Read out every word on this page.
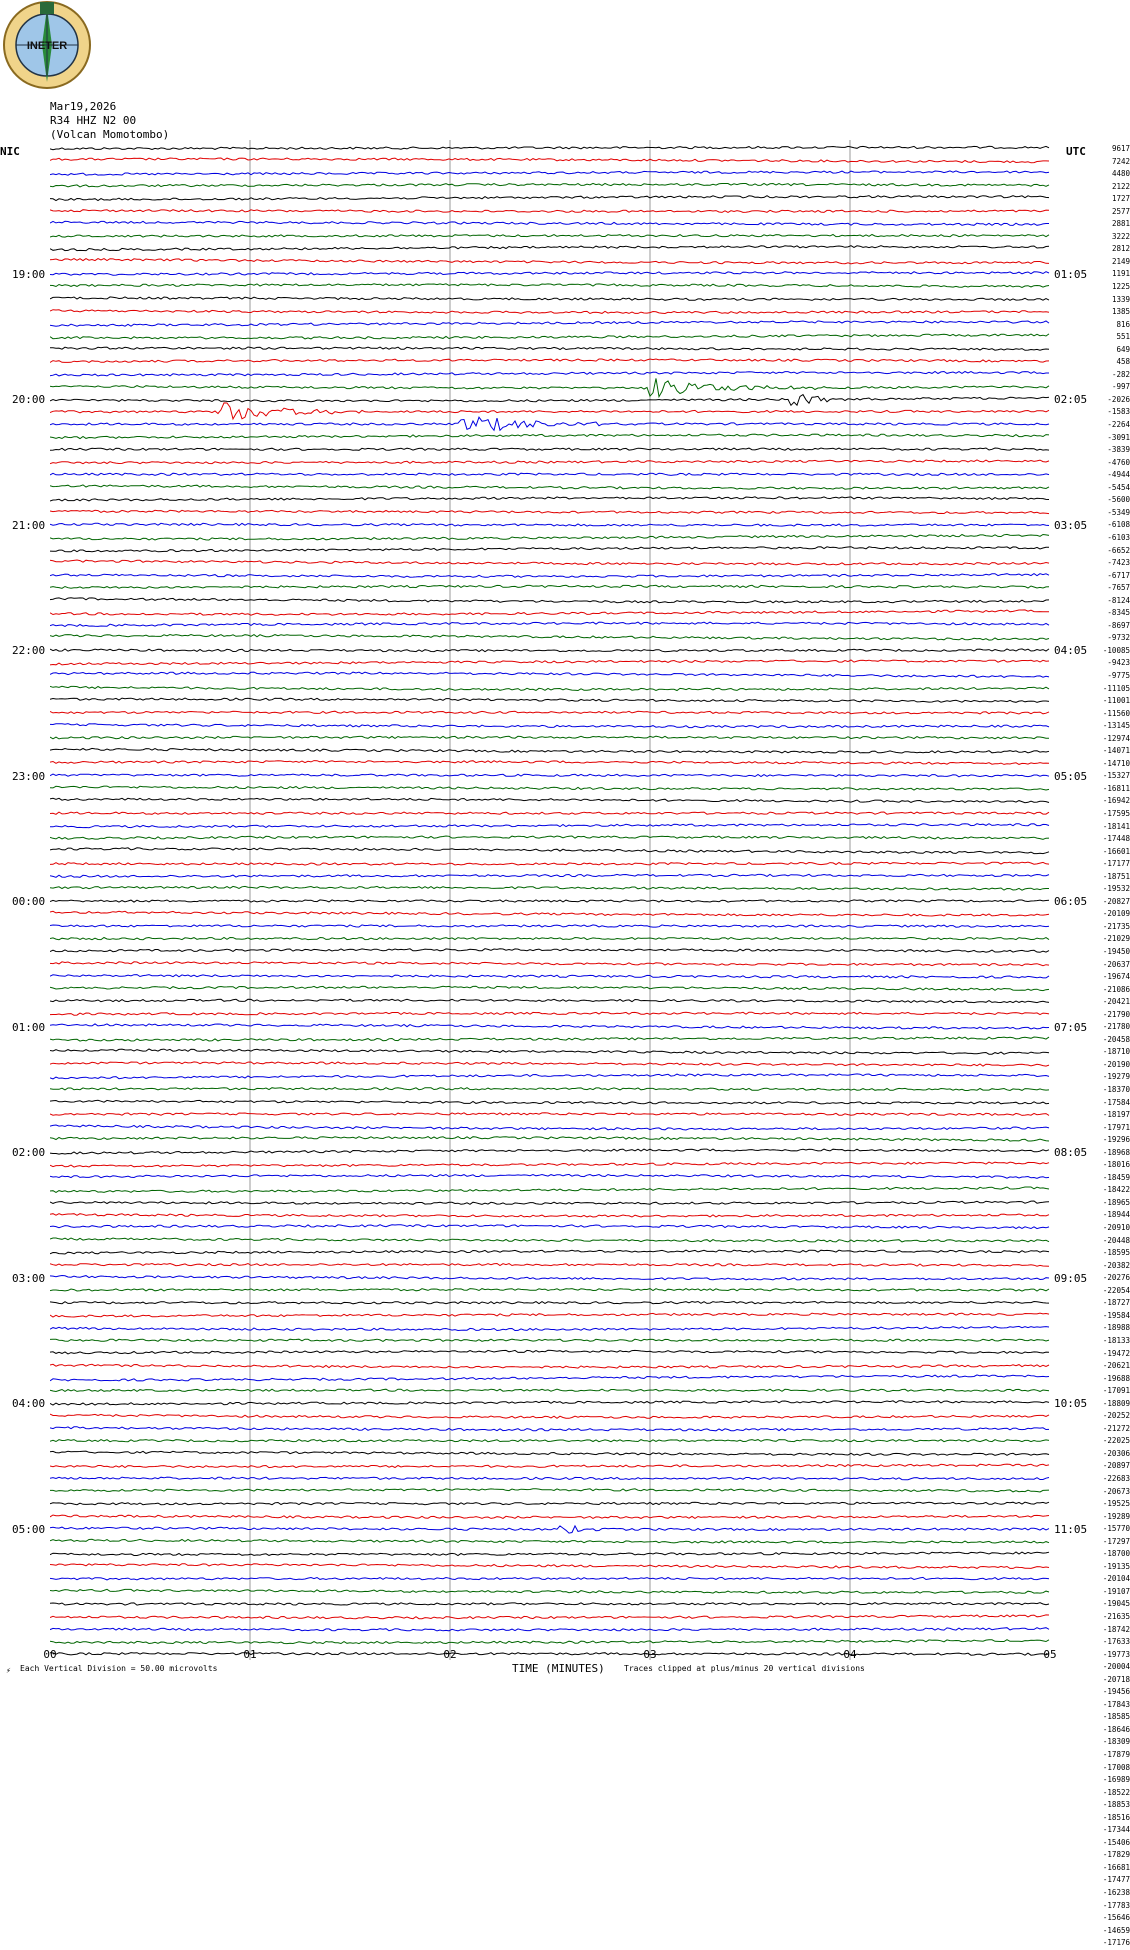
INETER
Mar19,2026
R34 HHZ N2 00
(Volcan Momotombo)
NIC	UTC
19:00
20:00
21:00
22:00
23:00
00:00
01:00
02:00
03:00
04:00
05:00
01:05
02:05
03:05
04:05
05:05
06:05
07:05
08:05
09:05
10:05
11:05
9617
7242
4480
2122
1727
2577
2881
3222
2812
2149
1191
1225
1339
1385
816
551
649
458
-282
-997
-2026
-1583
-2264
-3091
-3839
-4760
-4944
-5454
-5600
-5349
-6108
-6103
-6652
-7423
-6717
-7657
-8124
-8345
-8697
-9732
-10085
-9423
-9775
-11105
-11001
-11560
-13145
-12974
-14071
-14710
-15327
-16811
-16942
-17595
-18141
-17448
-16601
-17177
-18751
-19532
-20827
-20109
-21735
-21029
-19450
-20637
-19674
-21086
-20421
-21790
-21780
-20458
-18710
-20190
-19279
-18370
-17584
-18197
-17971
-19296
-18968
-18016
-18459
-18422
-18965
-18944
-20910
-20448
-18595
-20382
-20276
-22054
-18727
-19584
-18988
-18133
-19472
-20621
-19688
-17091
-18809
-20252
-21272
-22025
-20306
-20897
-22683
-20673
-19525
-19289
-15770
-17297
-18700
-19135
-20104
-19107
-19045
-21635
-18742
-17633
-19773
-20004
-20718
-19456
-17843
-18585
-18646
-18309
-17879
-17008
-16989
-18522
-18853
-18516
-17344
-15406
-17829
-16681
-17477
-16238
-17783
-15646
-14659
-17176
00	01	02	03	04	05
TIME (MINUTES)
⚡ Each Vertical Division = 50.00 microvolts	Traces clipped at plus/minus 20 vertical divisions
